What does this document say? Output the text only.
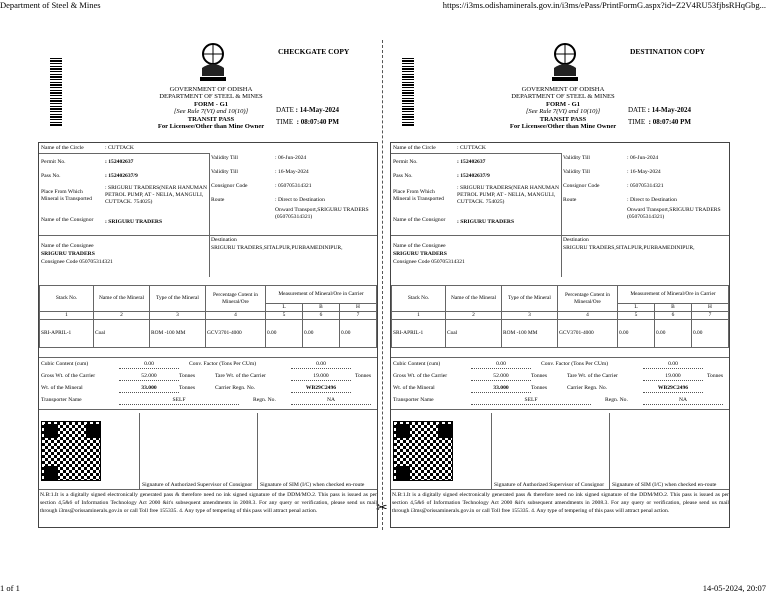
Department of Steel & Mines	https://i3ms.odishaminerals.gov.in/i3ms/ePass/PrintFormG.aspx?id=Z2V4RU53fjbsRHqGbg...
✂
CHECKGATE COPY
GOVERNMENT OF ODISHA
DEPARTMENT OF STEEL & MINES
FORM - G1
[See Rule 7(VI) and 10(10)]
TRANSIT PASS
For Licensee/Other than Mine Owner
DATE : 14-May-2024
TIME : 08:07:40 PM
Name of the Circle	: CUTTACK
Permit No.	: 152402637
Pass No.	: 152402637/9
Place From Which Mineral is Transported
: SRIGURU TRADERS(NEAR HANUMAN PETROL PUMP, AT - NELIA, MANGULI, CUTTACK. 754025)
Name of the Consignor	: SRIGURU TRADERS
Validity Till	: 06-Jun-2024
Validity Till	: 16-May-2024
Consignor Code	: 050705314321
Route	: Direct to Destination
Onward Transport,SRIGURU TRADERS (050705314321)
Name of the Consignee
SRIGURU TRADERS
Consignee Code 050705314321
Destination
SRIGURU TRADERS,SITALPUR,PURBAMEDINIPUR,
Stack No.	Name of the Mineral	Type of the Mineral	Percentage Cotent in Mineral/Ore	Measurement of Mineral/Ore in Carrier		
				L	B	H
1	2	3	4	5	6	7
SRI-APRIL-1	Coal	ROM -100 MM	GCV3701-4000	0.00	0.00	0.00
Cubic Content (cum)	0.00	Conv. Factor (Tons Per CUm)	0.00
Gross Wt. of the Carrier	52.000	Tonnes	Tare Wt. of the Carrier	19.000	Tonnes
Wt. of the Mineral	33.000	Tonnes	Carrier Regn. No.	WB29C2496
Transporter Name	SELF	Regn. No.	NA
Signature of Authorized Supervisor of Consignor Signature of SIM (I/C) when checked en-route
N.B:1.It is a digitally signed electronically generated pass & therefore need no ink signed signature of the DDM/MO.2. This pass is issued as per section 4,5&6 of Information Technology Act 2000 &it's subsequent amendments in 2008.3. For any query or verification, please send us mail through i3ms@orissaminerals.gov.in or call Toll free 155335. 4. Any type of tempering of this pass will attract penal action.
DESTINATION COPY
GOVERNMENT OF ODISHA
DEPARTMENT OF STEEL & MINES
FORM - G1
[See Rule 7(VI) and 10(10)]
TRANSIT PASS
For Licensee/Other than Mine Owner
DATE : 14-May-2024
TIME : 08:07:40 PM
Name of the Circle	: CUTTACK
Permit No.	: 152402637
Pass No.	: 152402637/9
Place From Which Mineral is Transported
: SRIGURU TRADERS(NEAR HANUMAN PETROL PUMP, AT - NELIA, MANGULI, CUTTACK. 754025)
Name of the Consignor	: SRIGURU TRADERS
Validity Till	: 06-Jun-2024
Validity Till	: 16-May-2024
Consignor Code	: 050705314321
Route	: Direct to Destination
Onward Transport,SRIGURU TRADERS (050705314321)
Name of the Consignee
SRIGURU TRADERS
Consignee Code 050705314321
Destination
SRIGURU TRADERS,SITALPUR,PURBAMEDINIPUR,
Stack No.	Name of the Mineral	Type of the Mineral	Percentage Cotent in Mineral/Ore	Measurement of Mineral/Ore in Carrier		
				L	B	H
1	2	3	4	5	6	7
SRI-APRIL-1	Coal	ROM -100 MM	GCV3701-4000	0.00	0.00	0.00
Cubic Content (cum)	0.00	Conv. Factor (Tons Per CUm)	0.00
Gross Wt. of the Carrier	52.000	Tonnes	Tare Wt. of the Carrier	19.000	Tonnes
Wt. of the Mineral	33.000	Tonnes	Carrier Regn. No.	WB29C2496
Transporter Name	SELF	Regn. No.	NA
Signature of Authorized Supervisor of Consignor Signature of SIM (I/C) when checked en-route
N.B:1.It is a digitally signed electronically generated pass & therefore need no ink signed signature of the DDM/MO.2. This pass is issued as per section 4,5&6 of Information Technology Act 2000 &it's subsequent amendments in 2008.3. For any query or verification, please send us mail through i3ms@orissaminerals.gov.in or call Toll free 155335. 4. Any type of tempering of this pass will attract penal action.
1 of 1	14-05-2024, 20:07
